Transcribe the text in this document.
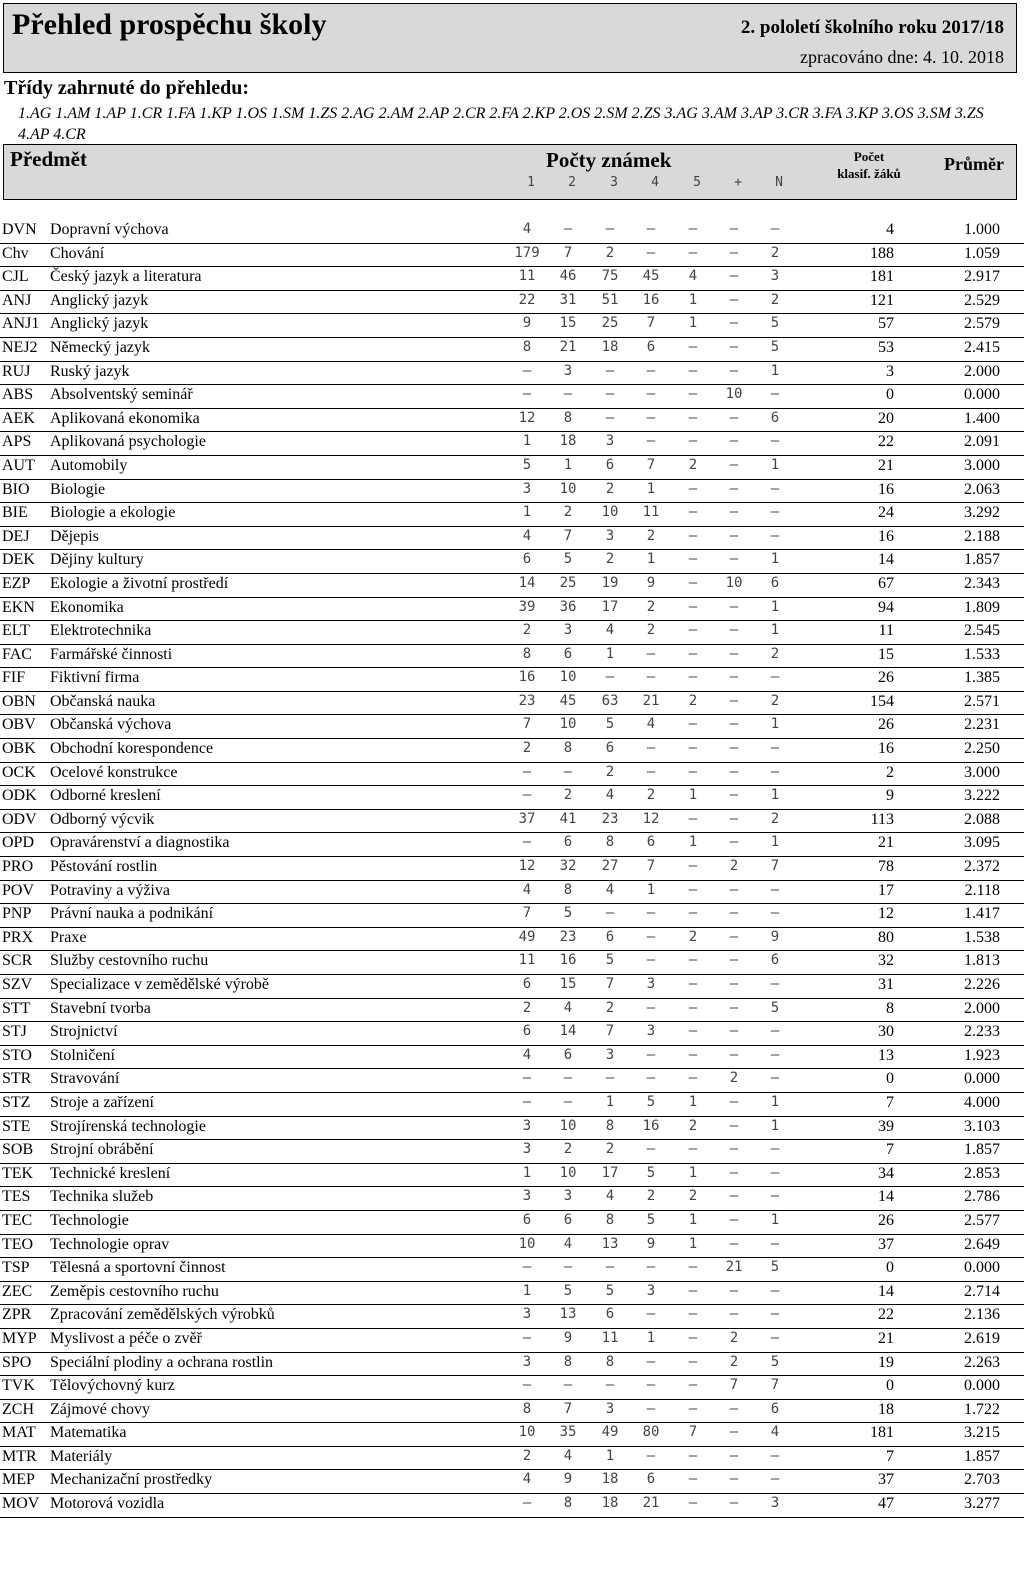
Přehled prospěchu školy	2. pololetí školního roku 2017/18
zpracováno dne: 4. 10. 2018
Třídy zahrnuté do přehledu:
1.AG 1.AM 1.AP 1.CR 1.FA 1.KP 1.OS 1.SM 1.ZS 2.AG 2.AM 2.AP 2.CR 2.FA 2.KP 2.OS 2.SM 2.ZS 3.AG 3.AM 3.AP 3.CR 3.FA 3.KP 3.OS 3.SM 3.ZS 4.AP 4.CR
Předmět	Počty známek
1	2	3	4	5	+	N
Počet
klasif. žáků	Průměr
DVN Dopravní výchova	4	–	–	–	–	–	–	4	1.000
Chv Chování	179	7	2	–	–	–	2	188	1.059
CJL Český jazyk a literatura	11	46	75	45	4	–	3	181	2.917
ANJ Anglický jazyk	22	31	51	16	1	–	2	121	2.529
ANJ1 Anglický jazyk	9	15	25	7	1	–	5	57	2.579
NEJ2 Německý jazyk	8	21	18	6	–	–	5	53	2.415
RUJ Ruský jazyk	–	3	–	–	–	–	1	3	2.000
ABS Absolventský seminář	–	–	–	–	–	10	–	0	0.000
AEK Aplikovaná ekonomika	12	8	–	–	–	–	6	20	1.400
APS Aplikovaná psychologie	1	18	3	–	–	–	–	22	2.091
AUT Automobily	5	1	6	7	2	–	1	21	3.000
BIO Biologie	3	10	2	1	–	–	–	16	2.063
BIE Biologie a ekologie	1	2	10	11	–	–	–	24	3.292
DEJ Dějepis	4	7	3	2	–	–	–	16	2.188
DEK Dějiny kultury	6	5	2	1	–	–	1	14	1.857
EZP Ekologie a životní prostředí	14	25	19	9	–	10	6	67	2.343
EKN Ekonomika	39	36	17	2	–	–	1	94	1.809
ELT Elektrotechnika	2	3	4	2	–	–	1	11	2.545
FAC Farmářské činnosti	8	6	1	–	–	–	2	15	1.533
FIF Fiktivní firma	16	10	–	–	–	–	–	26	1.385
OBN Občanská nauka	23	45	63	21	2	–	2	154	2.571
OBV Občanská výchova	7	10	5	4	–	–	1	26	2.231
OBK Obchodní korespondence	2	8	6	–	–	–	–	16	2.250
OCK Ocelové konstrukce	–	–	2	–	–	–	–	2	3.000
ODK Odborné kreslení	–	2	4	2	1	–	1	9	3.222
ODV Odborný výcvik	37	41	23	12	–	–	2	113	2.088
OPD Opravárenství a diagnostika	–	6	8	6	1	–	1	21	3.095
PRO Pěstování rostlin	12	32	27	7	–	2	7	78	2.372
POV Potraviny a výživa	4	8	4	1	–	–	–	17	2.118
PNP Právní nauka a podnikání	7	5	–	–	–	–	–	12	1.417
PRX Praxe	49	23	6	–	2	–	9	80	1.538
SCR Služby cestovního ruchu	11	16	5	–	–	–	6	32	1.813
SZV Specializace v zemědělské výrobě	6	15	7	3	–	–	–	31	2.226
STT Stavební tvorba	2	4	2	–	–	–	5	8	2.000
STJ Strojnictví	6	14	7	3	–	–	–	30	2.233
STO Stolničení	4	6	3	–	–	–	–	13	1.923
STR Stravování	–	–	–	–	–	2	–	0	0.000
STZ Stroje a zařízení	–	–	1	5	1	–	1	7	4.000
STE Strojírenská technologie	3	10	8	16	2	–	1	39	3.103
SOB Strojní obrábění	3	2	2	–	–	–	–	7	1.857
TEK Technické kreslení	1	10	17	5	1	–	–	34	2.853
TES Technika služeb	3	3	4	2	2	–	–	14	2.786
TEC Technologie	6	6	8	5	1	–	1	26	2.577
TEO Technologie oprav	10	4	13	9	1	–	–	37	2.649
TSP Tělesná a sportovní činnost	–	–	–	–	–	21	5	0	0.000
ZEC Zeměpis cestovního ruchu	1	5	5	3	–	–	–	14	2.714
ZPR Zpracování zemědělských výrobků	3	13	6	–	–	–	–	22	2.136
MYP Myslivost a péče o zvěř	–	9	11	1	–	2	–	21	2.619
SPO Speciální plodiny a ochrana rostlin	3	8	8	–	–	2	5	19	2.263
TVK Tělovýchovný kurz	–	–	–	–	–	7	7	0	0.000
ZCH Zájmové chovy	8	7	3	–	–	–	6	18	1.722
MAT Matematika	10	35	49	80	7	–	4	181	3.215
MTR Materiály	2	4	1	–	–	–	–	7	1.857
MEP Mechanizační prostředky	4	9	18	6	–	–	–	37	2.703
MOV Motorová vozidla	–	8	18	21	–	–	3	47	3.277
